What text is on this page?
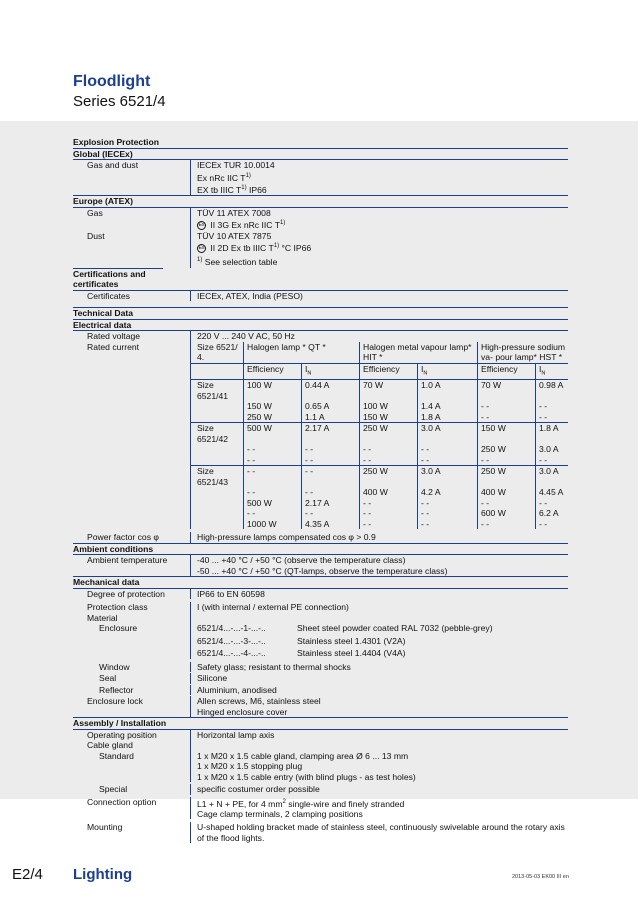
Floodlight
Series 6521/4
Explosion Protection
Global (IECEx)
Gas and dust	IECEx TUR 10.0014
Ex nRc IIC $T^{1)}$
EX tb IIIC $T^{1)}$ IP66
Europe (ATEX)
Gas	TÜV 11 ATEX 7008
Ex II 3G Ex nRc IIC $T^{1)}$
Dust	TÜV 10 ATEX 7875
Ex II 2D Ex tb IIIC $T^{1)}$ °C IP66
$^{1)}$ See selection table
Certifications and certificates
Certificates	IECEx, ATEX, India (PESO)
Technical Data
Electrical data
Rated voltage	220 V ... 240 V AC, 50 Hz
Rated current	Size 6521/ 4.	Halogen lamp * QT *		Halogen metal vapour lamp* HIT *		High-pressure sodium va- pour lamp* HST *	
	Efficiency	$I_N$	Efficiency	$I_N$	Efficiency	$I_N$
Size 6521/41	100 W	0.44 A	70 W	1.0 A	70 W	0.98 A
	150 W	0.65 A	100 W	1.4 A	- -	- -
	250 W	1.1 A	150 W	1.8 A	- -	- -
Size 6521/42	500 W	2.17 A	250 W	3.0 A	150 W	1.8 A
	- -	- -	- -	- -	250 W	3.0 A
	- -	- -	- -	- -	- -	- -
Size 6521/43	- -	- -	250 W	3.0 A	250 W	3.0 A
	- -	- -	400 W	4.2 A	400 W	4.45 A
	500 W	2.17 A	- -	- -	- -	- -
	- -	- -	- -	- -	600 W	6.2 A
	1000 W	4.35 A	- -	- -	- -	- -
Power factor cos φ	High-pressure lamps compensated cos φ > 0.9
Ambient conditions
Ambient temperature	-40 ... +40 °C / +50 °C (observe the temperature class)
-50 ... +40 °C / +50 °C (QT-lamps, observe the temperature class)
Mechanical data
Degree of protection	IP66 to EN 60598
Protection class	I (with internal / external PE connection)
Material
Enclosure	6521/4...-...-1-...-..	Sheet steel powder coated RAL 7032 (pebble-grey)
6521/4...-...-3-...-..	Stainless steel 1.4301 (V2A)
6521/4...-...-4-...-..	Stainless steel 1.4404 (V4A)
Window	Safety glass; resistant to thermal shocks
Seal	Silicone
Reflector	Aluminium, anodised
Enclosure lock	Allen screws, M6, stainless steel
Hinged enclosure cover
Assembly / Installation
Operating position	Horizontal lamp axis
Cable gland
Standard	1 x M20 x 1.5 cable gland, clamping area Ø 6 ... 13 mm
1 x M20 x 1.5 stopping plug
1 x M20 x 1.5 cable entry (with blind plugs - as test holes)
Special	specific costumer order possible
Connection option	L1 + N + PE, for 4 $mm^2$ single-wire and finely stranded
Cage clamp terminals, 2 clamping positions
Mounting	U-shaped holding bracket made of stainless steel, continuously swivelable around the rotary axis of the flood lights.
E2/4 Lighting	2013-05-03 EK00 III en
